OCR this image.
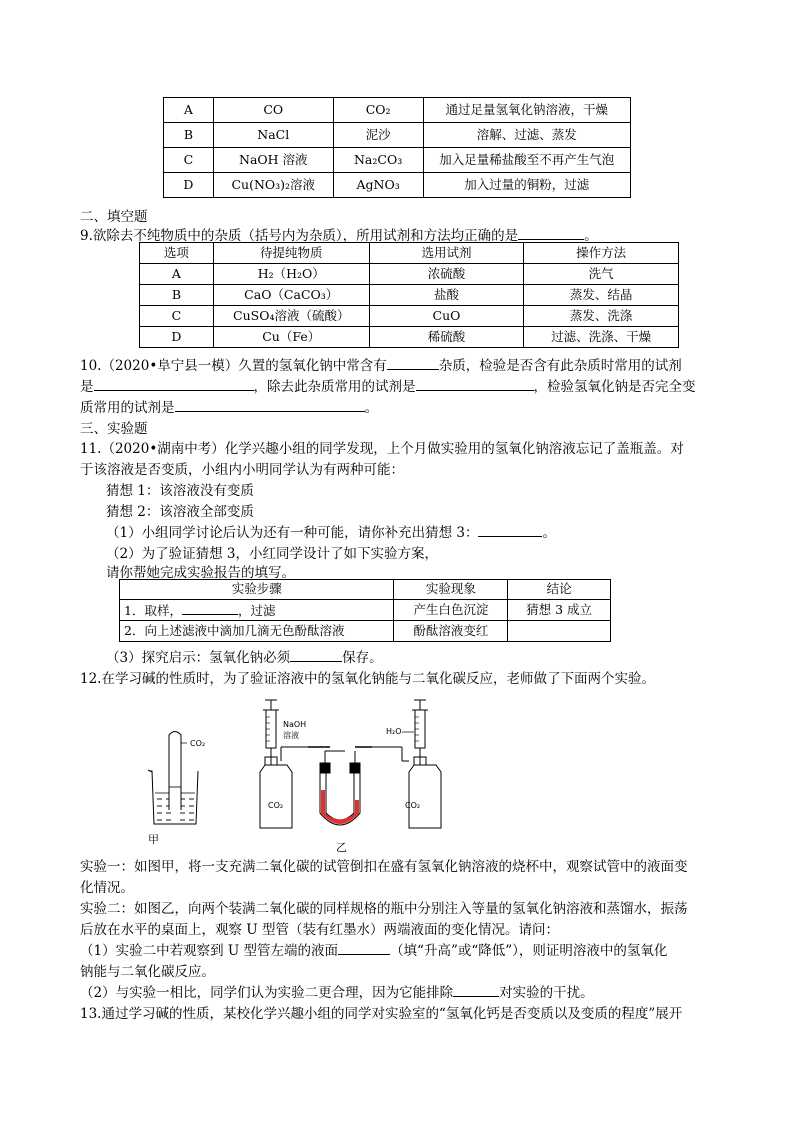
A	CO	CO₂	通过足量氢氧化钠溶液，干燥
B	NaCl	泥沙	溶解、过滤、蒸发
C	NaOH 溶液	Na₂CO₃	加入足量稀盐酸至不再产生气泡
D	Cu(NO₃)₂溶液	AgNO₃	加入过量的铜粉，过滤
二、填空题
9.欲除去不纯物质中的杂质（括号内为杂质），所用试剂和方法均正确的是	。
选项	待提纯物质	选用试剂	操作方法
A	H₂（H₂O）	浓硫酸	洗气
B	CaO（CaCO₃）	盐酸	蒸发、结晶
C	CuSO₄溶液（硫酸）	CuO	蒸发、洗涤
D	Cu（Fe）	稀硫酸	过滤、洗涤、干燥
10.（2020•阜宁县一模）久置的氢氧化钠中常含有	杂质，检验是否含有此杂质时常用的试剂
是	，除去此杂质常用的试剂是	，检验氢氧化钠是否完全变
质常用的试剂是	。
三、实验题
11.（2020•湖南中考）化学兴趣小组的同学发现，上个月做实验用的氢氧化钠溶液忘记了盖瓶盖。对
于该溶液是否变质，小组内小明同学认为有两种可能：
猜想 1：该溶液没有变质
猜想 2：该溶液全部变质
（1）小组同学讨论后认为还有一种可能，请你补充出猜想 3：	。
（2）为了验证猜想 3，小红同学设计了如下实验方案，
请你帮她完成实验报告的填写。
实验步骤	实验现象	结论
1．取样， ，过滤	产生白色沉淀	猜想 3 成立
2．向上述滤液中滴加几滴无色酚酞溶液	酚酞溶液变红	
（3）探究启示：氢氧化钠必须	保存。
12.在学习碱的性质时，为了验证溶液中的氢氧化钠能与二氧化碳反应，老师做了下面两个实验。
CO₂
甲
NaOH
溶液
CO₂
乙
H₂O
CO₂
实验一：如图甲，将一支充满二氧化碳的试管倒扣在盛有氢氧化钠溶液的烧杯中，观察试管中的液面变
化情况。
实验二：如图乙，向两个装满二氧化碳的同样规格的瓶中分别注入等量的氢氧化钠溶液和蒸馏水，振荡
后放在水平的桌面上，观察 U 型管（装有红墨水）两端液面的变化情况。请问：
（1）实验二中若观察到 U 型管左端的液面	（填“升高”或“降低”），则证明溶液中的氢氧化
钠能与二氧化碳反应。
（2）与实验一相比，同学们认为实验二更合理，因为它能排除	对实验的干扰。
13.通过学习碱的性质，某校化学兴趣小组的同学对实验室的“氢氧化钙是否变质以及变质的程度”展开
